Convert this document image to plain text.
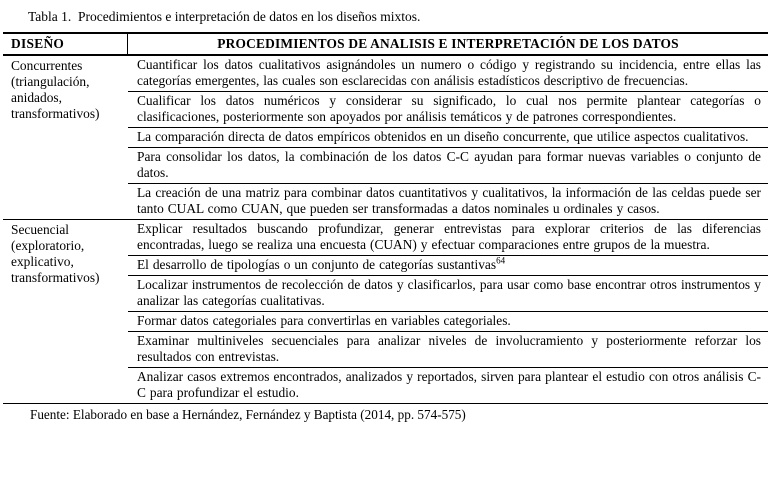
Tabla 1.  Procedimientos e interpretación de datos en los diseños mixtos.
DISEÑO	PROCEDIMIENTOS DE ANALISIS E INTERPRETACIÓN DE LOS DATOS
Concurrentes (triangulación, anidados, transformativos)
Cuantificar los datos cualitativos asignándoles un numero o código y registrando su incidencia, entre ellas las categorías emergentes, las cuales son esclarecidas con análisis estadísticos descriptivo de frecuencias.
Cualificar los datos numéricos y considerar su significado, lo cual nos permite plantear categorías o clasificaciones, posteriormente son apoyados por análisis temáticos y de patrones correspondientes.
La comparación directa de datos empíricos obtenidos en un diseño concurrente, que utilice aspectos cualitativos.
Para consolidar los datos, la combinación de los datos C-C ayudan para formar nuevas variables o conjunto de datos.
La creación de una matriz para combinar datos cuantitativos y cualitativos, la información de las celdas puede ser tanto CUAL como CUAN, que pueden ser transformadas a datos nominales u ordinales y casos.
Secuencial (exploratorio, explicativo, transformativos)
Explicar resultados buscando profundizar, generar entrevistas para explorar criterios de las diferencias encontradas, luego se realiza una encuesta (CUAN) y efectuar comparaciones entre grupos de la muestra.
El desarrollo de tipologías o un conjunto de categorías sustantivas$^{64}$
Localizar instrumentos de recolección de datos y clasificarlos, para usar como base encontrar otros instrumentos y analizar las categorías cualitativas.
Formar datos categoriales para convertirlas en variables categoriales.
Examinar multiniveles secuenciales para analizar niveles de involucramiento y posteriormente reforzar los resultados con entrevistas.
Analizar casos extremos encontrados, analizados y reportados, sirven para plantear el estudio con otros análisis C-C para profundizar el estudio.
Fuente: Elaborado en base a Hernández, Fernández y Baptista (2014, pp. 574-575)
